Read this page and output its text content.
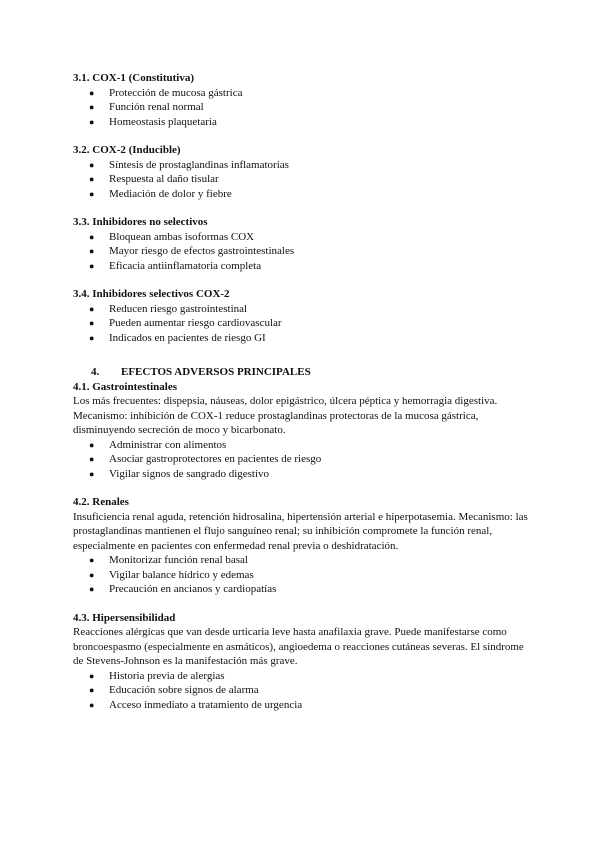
3.1. COX-1 (Constitutiva)
● Protección de mucosa gástrica
● Función renal normal
● Homeostasis plaquetaria
3.2. COX-2 (Inducible)
● Síntesis de prostaglandinas inflamatorias
● Respuesta al daño tisular
● Mediación de dolor y fiebre
3.3. Inhibidores no selectivos
● Bloquean ambas isoformas COX
● Mayor riesgo de efectos gastrointestinales
● Eficacia antiinflamatoria completa
3.4. Inhibidores selectivos COX-2
● Reducen riesgo gastrointestinal
● Pueden aumentar riesgo cardiovascular
● Indicados en pacientes de riesgo GI
4. EFECTOS ADVERSOS PRINCIPALES
4.1. Gastrointestinales

Los más frecuentes: dispepsia, náuseas, dolor epigástrico, úlcera péptica y hemorragia digestiva. Mecanismo: inhibición de COX-1 reduce prostaglandinas protectoras de la mucosa gástrica, disminuyendo secreción de moco y bicarbonato.

● Administrar con alimentos
● Asociar gastroprotectores en pacientes de riesgo
● Vigilar signos de sangrado digestivo
4.2. Renales

Insuficiencia renal aguda, retención hidrosalina, hipertensión arterial e hiperpotasemia. Mecanismo: las prostaglandinas mantienen el flujo sanguíneo renal; su inhibición compromete la función renal, especialmente en pacientes con enfermedad renal previa o deshidratación.

● Monitorizar función renal basal
● Vigilar balance hídrico y edemas
● Precaución en ancianos y cardiopatías
4.3. Hipersensibilidad

Reacciones alérgicas que van desde urticaria leve hasta anafilaxia grave. Puede manifestarse como broncoespasmo (especialmente en asmáticos), angioedema o reacciones cutáneas severas. El síndrome de Stevens-Johnson es la manifestación más grave.

● Historia previa de alergias
● Educación sobre signos de alarma
● Acceso inmediato a tratamiento de urgencia
